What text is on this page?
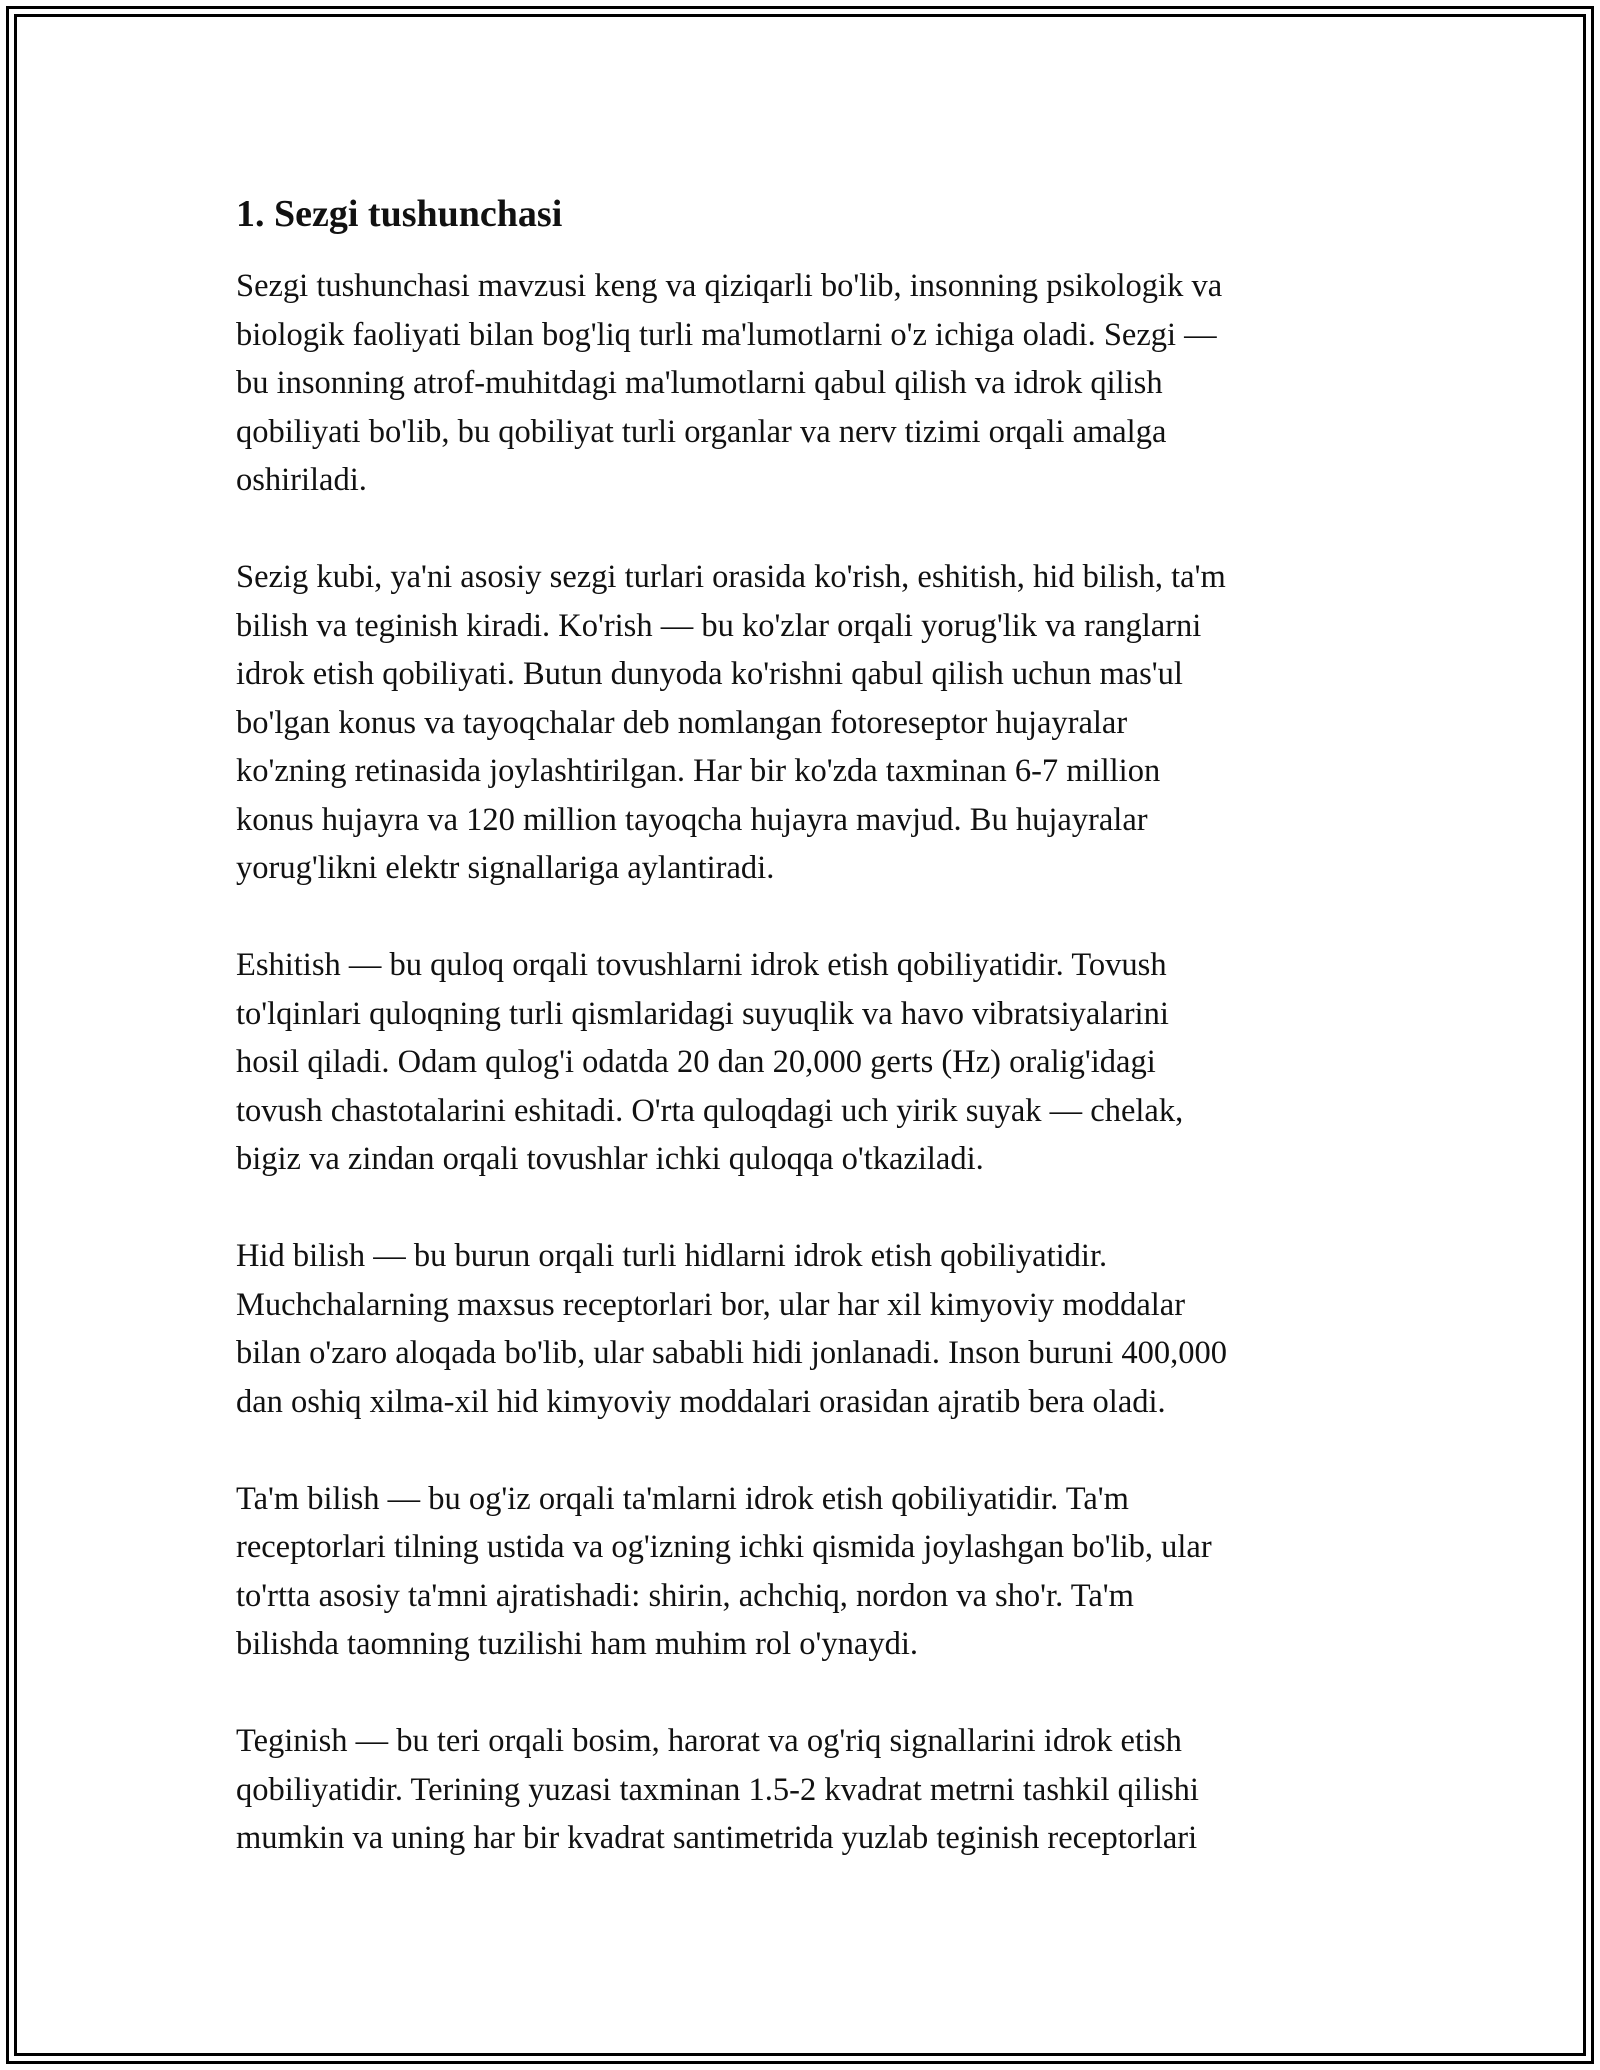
1. Sezgi tushunchasi

Sezgi tushunchasi mavzusi keng va qiziqarli bo'lib, insonning psikologik va
biologik faoliyati bilan bog'liq turli ma'lumotlarni o'z ichiga oladi. Sezgi —
bu insonning atrof-muhitdagi ma'lumotlarni qabul qilish va idrok qilish
qobiliyati bo'lib, bu qobiliyat turli organlar va nerv tizimi orqali amalga
oshiriladi.

Sezig kubi, ya'ni asosiy sezgi turlari orasida ko'rish, eshitish, hid bilish, ta'm
bilish va teginish kiradi. Ko'rish — bu ko'zlar orqali yorug'lik va ranglarni
idrok etish qobiliyati. Butun dunyoda ko'rishni qabul qilish uchun mas'ul
bo'lgan konus va tayoqchalar deb nomlangan fotoreseptor hujayralar
ko'zning retinasida joylashtirilgan. Har bir ko'zda taxminan 6-7 million
konus hujayra va 120 million tayoqcha hujayra mavjud. Bu hujayralar
yorug'likni elektr signallariga aylantiradi.

Eshitish — bu quloq orqali tovushlarni idrok etish qobiliyatidir. Tovush
to'lqinlari quloqning turli qismlaridagi suyuqlik va havo vibratsiyalarini
hosil qiladi. Odam qulog'i odatda 20 dan 20,000 gerts (Hz) oralig'idagi
tovush chastotalarini eshitadi. O'rta quloqdagi uch yirik suyak — chelak,
bigiz va zindan orqali tovushlar ichki quloqqa o'tkaziladi.

Hid bilish — bu burun orqali turli hidlarni idrok etish qobiliyatidir.
Muchchalarning maxsus receptorlari bor, ular har xil kimyoviy moddalar
bilan o'zaro aloqada bo'lib, ular sababli hidi jonlanadi. Inson buruni 400,000
dan oshiq xilma-xil hid kimyoviy moddalari orasidan ajratib bera oladi.

Ta'm bilish — bu og'iz orqali ta'mlarni idrok etish qobiliyatidir. Ta'm
receptorlari tilning ustida va og'izning ichki qismida joylashgan bo'lib, ular
to'rtta asosiy ta'mni ajratishadi: shirin, achchiq, nordon va sho'r. Ta'm
bilishda taomning tuzilishi ham muhim rol o'ynaydi.

Teginish — bu teri orqali bosim, harorat va og'riq signallarini idrok etish
qobiliyatidir. Terining yuzasi taxminan 1.5-2 kvadrat metrni tashkil qilishi
mumkin va uning har bir kvadrat santimetrida yuzlab teginish receptorlari
